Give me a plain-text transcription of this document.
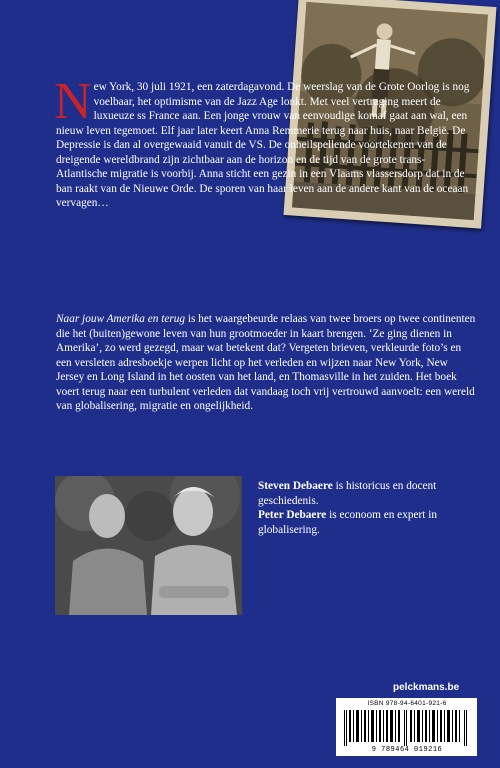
New York, 30 juli 1921, een zaterdagavond. De weerslag van de Grote Oorlog is nog voelbaar, het optimisme van de Jazz Age lonkt. Met veel vertraging meert de luxueuze ss France aan. Een jonge vrouw van eenvoudige komaf gaat aan wal, een nieuw leven tegemoet. Elf jaar later keert Anna Remmerie terug naar huis, naar België. De Depressie is dan al overgewaaid vanuit de VS. De onheilspellende voortekenen van de dreigende wereldbrand zijn zichtbaar aan de horizon en de tijd van de grote trans-Atlantische migratie is voorbij. Anna sticht een gezin in een Vlaams vlassersdorp dat in de ban raakt van de Nieuwe Orde. De sporen van haar leven aan de andere kant van de oceaan vervagen…

Naar jouw Amerika en terug is het waargebeurde relaas van twee broers op twee continenten die het (buiten)gewone leven van hun grootmoeder in kaart brengen. ‘Ze ging dienen in Amerika’, zo werd gezegd, maar wat betekent dat? Vergeten brieven, verkleurde foto’s en een versleten adresboekje werpen licht op het verleden en wijzen naar New York, New Jersey en Long Island in het oosten van het land, en Thomasville in het zuiden. Het boek voert terug naar een turbulent verleden dat vandaag toch vrij vertrouwd aanvoelt: een wereld van globalisering, migratie en ongelijkheid.

Steven Debaere is historicus en docent geschiedenis.
Peter Debaere is econoom en expert in globalisering.

pelckmans.be
ISBN 978-94-6401-921-6
9 789464 019216
